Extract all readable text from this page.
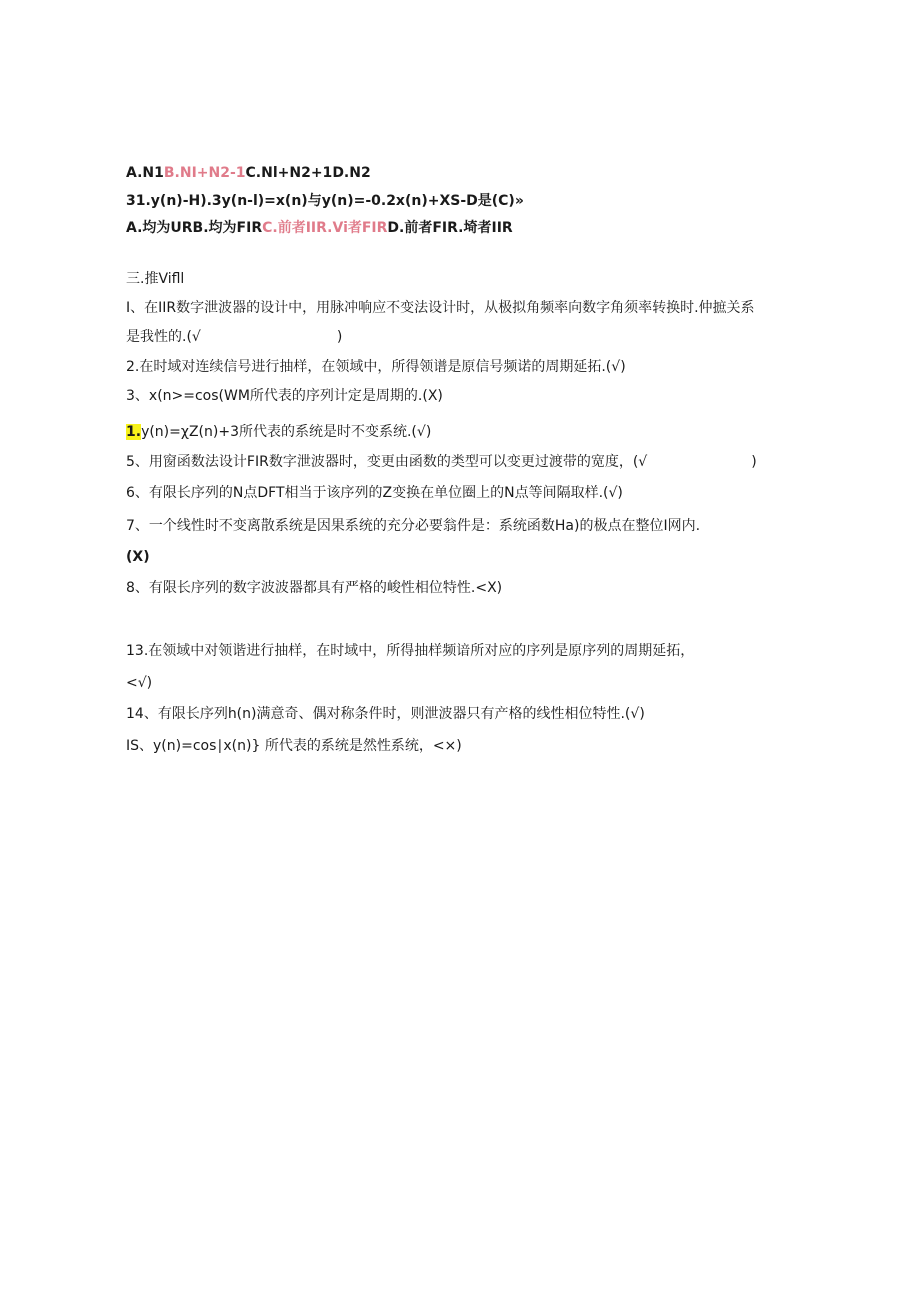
A.N1B.NI+N2-1C.Nl+N2+1D.N2
31.y(n)-H).3y(n-l)=x(n)与y(n)=-0.2x(n)+XS-D是(C)»
A.均为URB.均为FIRC.前者IIR.Vi者FIRD.前者FIR.埼者IIR
三.推Vifll
I、在IIR数字泄波器的设计中，用脉冲响应不变法设计时，从极拟角频率向数字角须率转换时.仲摭关系
是我性的.(√	)
2.在时域对连续信号进行抽样，在领域中，所得领谱是原信号频诺的周期延拓.(√)
3、x(n>=cos(WM所代表的序列计定是周期的.(X)
1.y(n)=χZ(n)+3所代表的系统是时不变系统.(√)
5、用窗函数法设计FIR数字泄波器时，变更由函数的类型可以变更过渡带的宽度，(√	)
6、有限长序列的N点DFT相当于该序列的Z变换在单位圈上的N点等间隔取样.(√)
7、一个线性时不变离散系统是因果系统的充分必要翁件是：系统函数Ha)的极点在整位I网内.
(X)
8、有限长序列的数字波波器都具有严格的峻性相位特性.<X)
13.在领域中对领谐进行抽样，在时域中，所得抽样频谙所对应的序列是原序列的周期延拓，
<√)
14、有限长序列h(n)满意奇、偶对称条件时，则泄波器只有产格的线性相位特性.(√)
IS、y(n)=cos∣x(n)} 所代表的系统是然性系统，<×)
